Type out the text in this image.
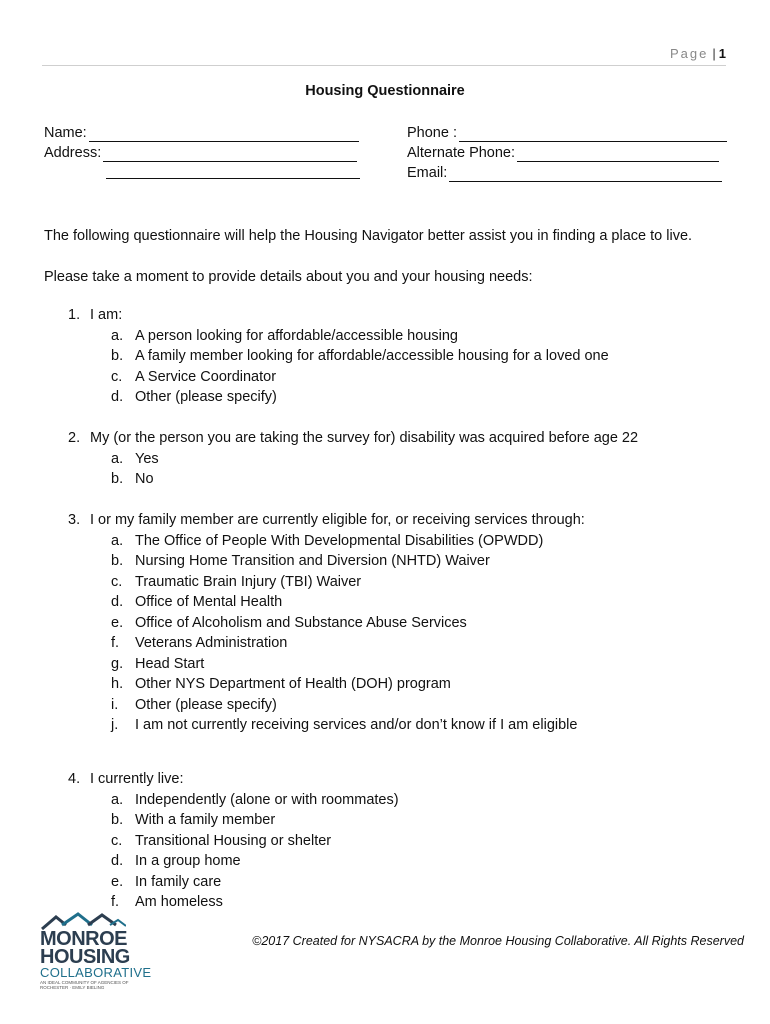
Page | 1
Housing Questionnaire
Name:
Address:
Phone :
Alternate Phone:
Email:
The following questionnaire will help the Housing Navigator better assist you in finding a place to live.
Please take a moment to provide details about you and your housing needs:
1. I am:
a. A person looking for affordable/accessible housing
b. A family member looking for affordable/accessible housing for a loved one
c. A Service Coordinator
d. Other (please specify)
2. My (or the person you are taking the survey for) disability was acquired before age 22
a. Yes
b. No
3. I or my family member are currently eligible for, or receiving services through:
a. The Office of People With Developmental Disabilities (OPWDD)
b. Nursing Home Transition and Diversion (NHTD) Waiver
c. Traumatic Brain Injury (TBI) Waiver
d. Office of Mental Health
e. Office of Alcoholism and Substance Abuse Services
f. Veterans Administration
g. Head Start
h. Other NYS Department of Health (DOH) program
i. Other (please specify)
j. I am not currently receiving services and/or don’t know if I am eligible
4. I currently live:
a. Independently (alone or with roommates)
b. With a family member
c. Transitional Housing or shelter
d. In a group home
e. In family care
f. Am homeless
MONROE
HOUSING
COLLABORATIVE
AN IDEAL COMMUNITY OF AGENCIES OF ROCHESTER · EMILY BIELING
©2017 Created for NYSACRA by the Monroe Housing Collaborative. All Rights Reserved
